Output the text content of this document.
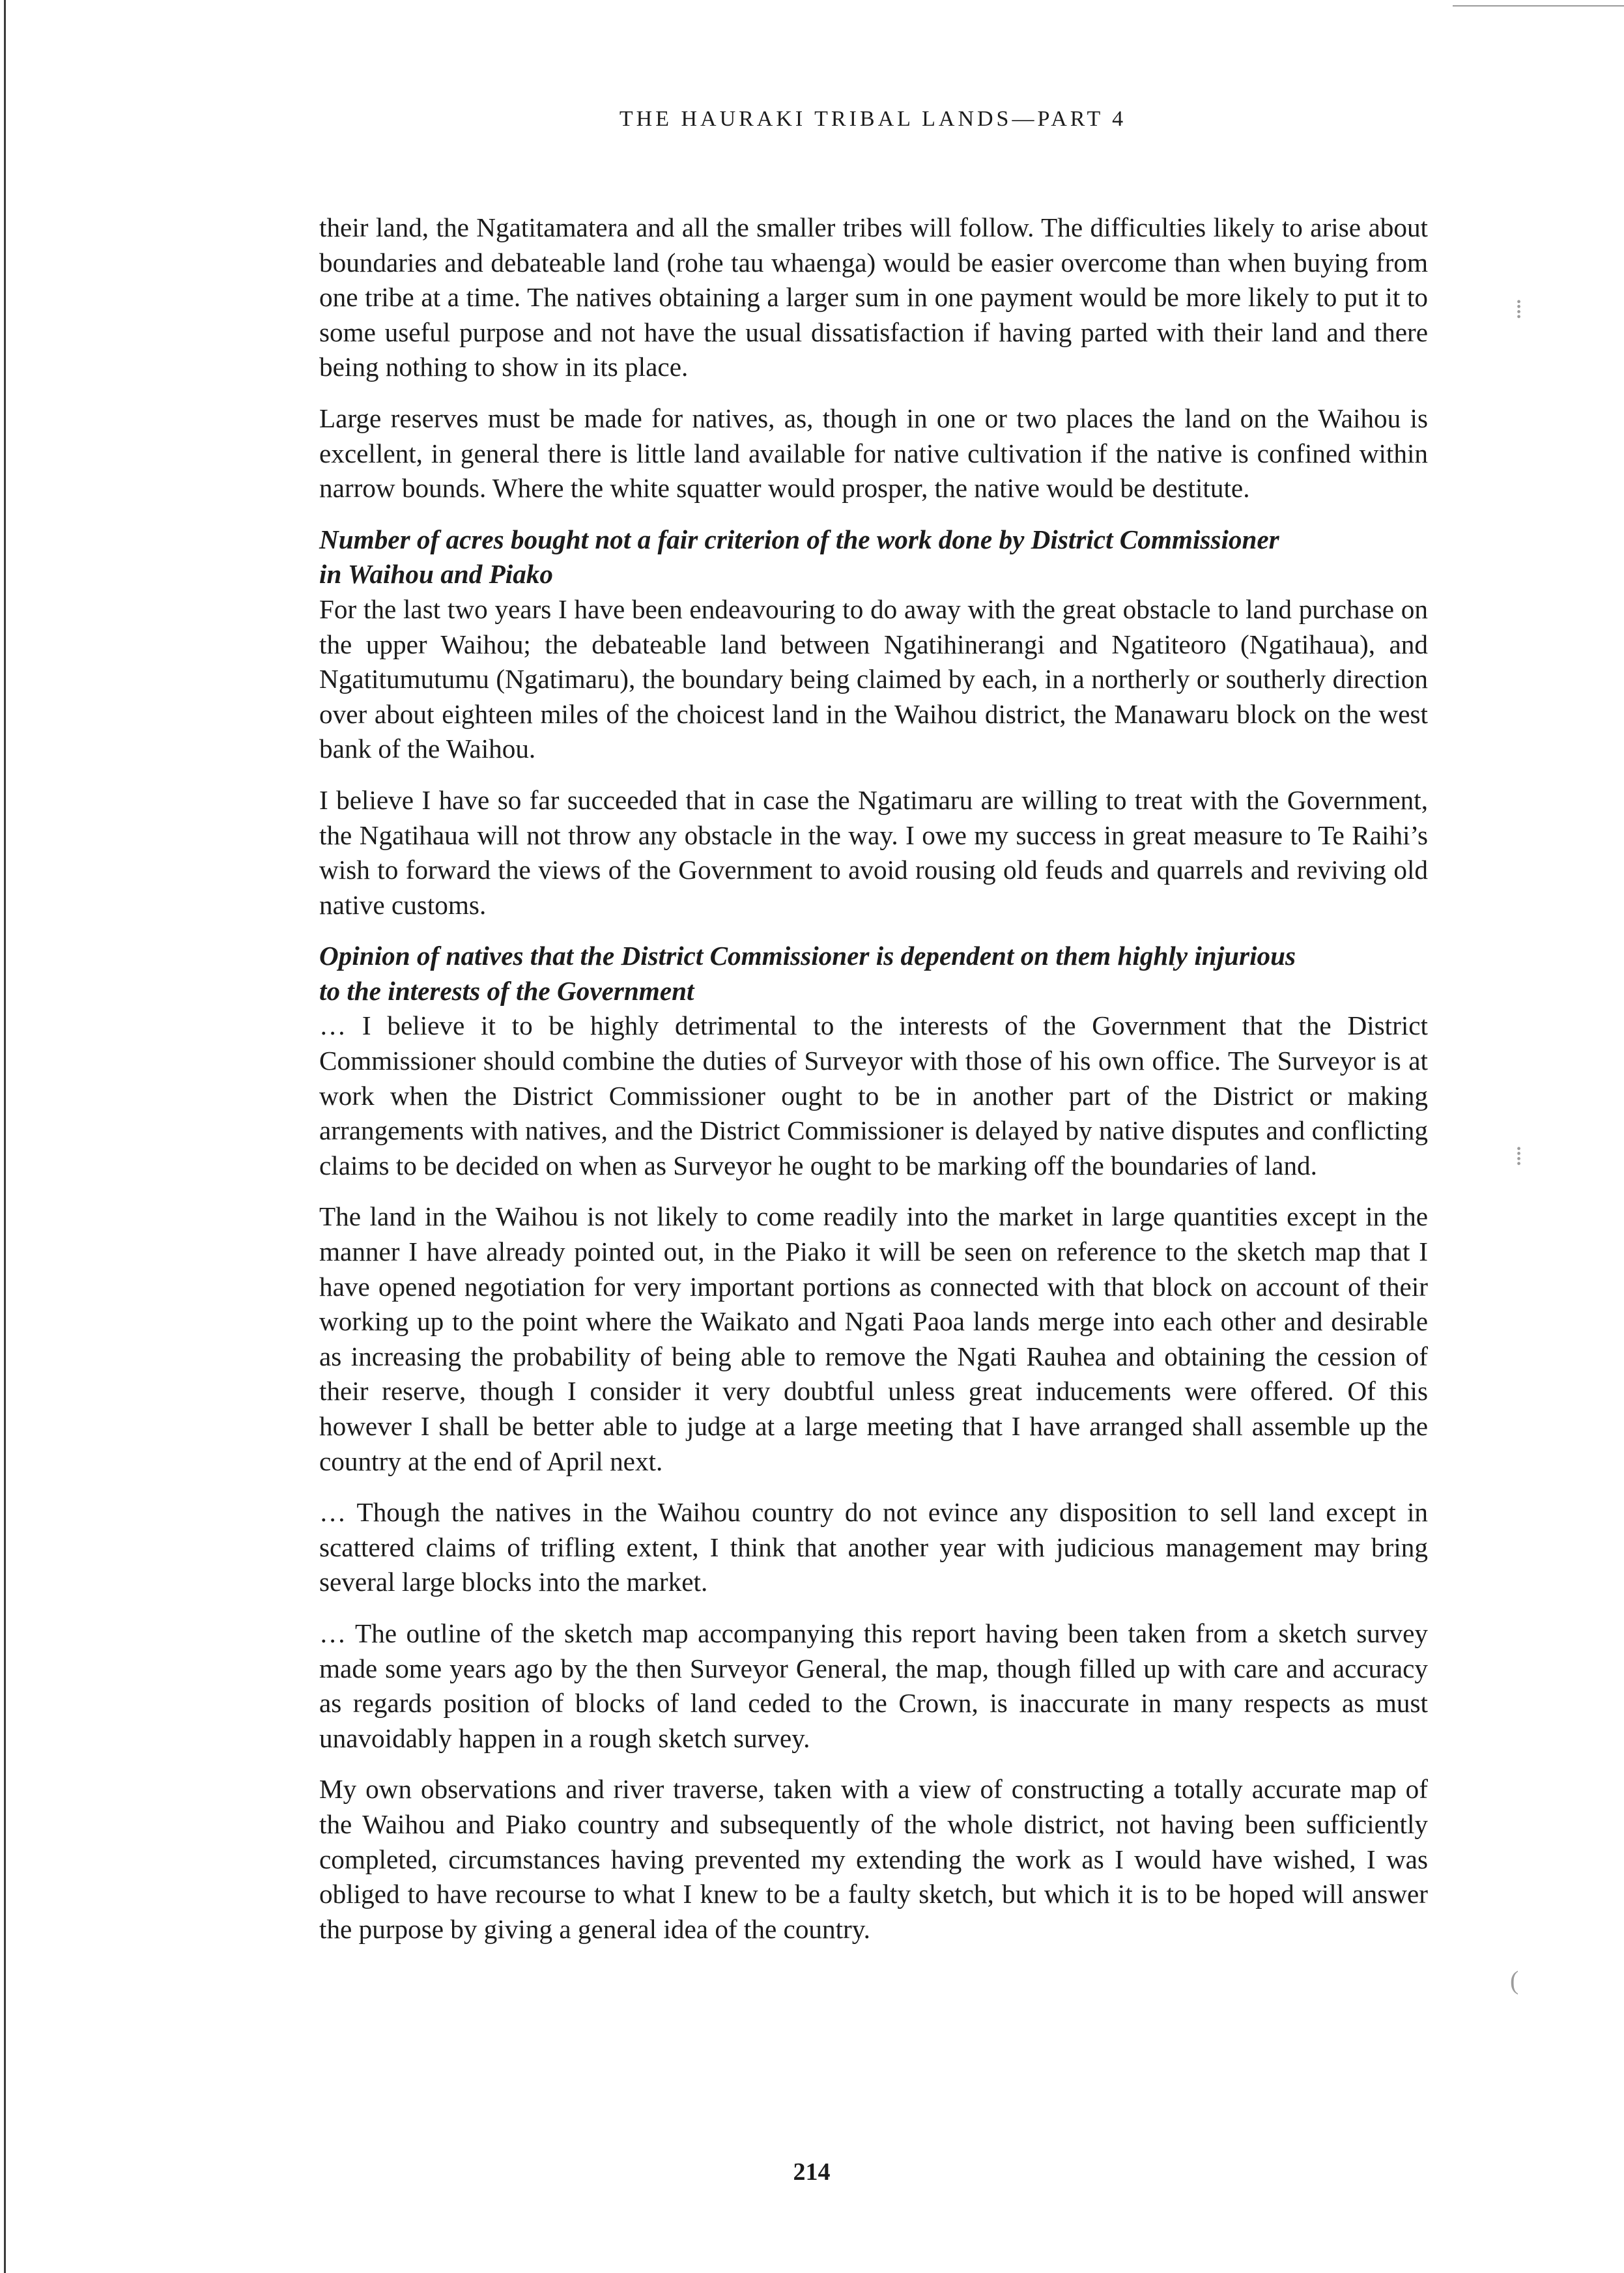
THE HAURAKI TRIBAL LANDS—PART 4

their land, the Ngatitamatera and all the smaller tribes will follow. The difficulties likely to arise about boundaries and debateable land (rohe tau whaenga) would be easier overcome than when buying from one tribe at a time. The natives obtaining a larger sum in one payment would be more likely to put it to some useful purpose and not have the usual dissatisfaction if having parted with their land and there being nothing to show in its place.

Large reserves must be made for natives, as, though in one or two places the land on the Waihou is excellent, in general there is little land available for native cultivation if the native is confined within narrow bounds. Where the white squatter would prosper, the native would be destitute.

Number of acres bought not a fair criterion of the work done by District Commissioner
in Waihou and Piako

For the last two years I have been endeavouring to do away with the great obstacle to land purchase on the upper Waihou; the debateable land between Ngatihinerangi and Ngatiteoro (Ngatihaua), and Ngatitumutumu (Ngatimaru), the boundary being claimed by each, in a northerly or southerly direction over about eighteen miles of the choicest land in the Waihou district, the Manawaru block on the west bank of the Waihou.

I believe I have so far succeeded that in case the Ngatimaru are willing to treat with the Government, the Ngatihaua will not throw any obstacle in the way. I owe my success in great measure to Te Raihi’s wish to forward the views of the Government to avoid rousing old feuds and quarrels and reviving old native customs.

Opinion of natives that the District Commissioner is dependent on them highly injurious
to the interests of the Government

… I believe it to be highly detrimental to the interests of the Government that the District Commissioner should combine the duties of Surveyor with those of his own office. The Surveyor is at work when the District Commissioner ought to be in another part of the District or making arrangements with natives, and the District Commissioner is delayed by native disputes and conflicting claims to be decided on when as Surveyor he ought to be marking off the boundaries of land.

The land in the Waihou is not likely to come readily into the market in large quantities except in the manner I have already pointed out, in the Piako it will be seen on reference to the sketch map that I have opened negotiation for very important portions as connected with that block on account of their working up to the point where the Waikato and Ngati Paoa lands merge into each other and desirable as increasing the probability of being able to remove the Ngati Rauhea and obtaining the cession of their reserve, though I consider it very doubtful unless great inducements were offered. Of this however I shall be better able to judge at a large meeting that I have arranged shall assemble up the country at the end of April next.

… Though the natives in the Waihou country do not evince any disposition to sell land except in scattered claims of trifling extent, I think that another year with judicious management may bring several large blocks into the market.

… The outline of the sketch map accompanying this report having been taken from a sketch survey made some years ago by the then Surveyor General, the map, though filled up with care and accuracy as regards position of blocks of land ceded to the Crown, is inaccurate in many respects as must unavoidably happen in a rough sketch survey.

My own observations and river traverse, taken with a view of constructing a totally accurate map of the Waihou and Piako country and subsequently of the whole district, not having been sufficiently completed, circumstances having prevented my extending the work as I would have wished, I was obliged to have recourse to what I knew to be a faulty sketch, but which it is to be hoped will answer the purpose by giving a general idea of the country.

214
⁞
⁞
(
